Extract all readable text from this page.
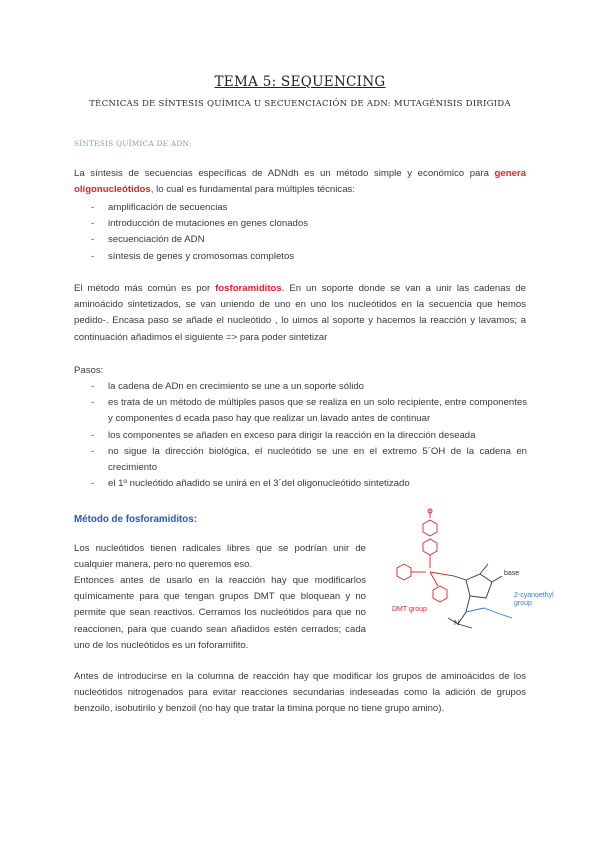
TEMA 5: SEQUENCING
TÉCNICAS DE SÍNTESIS QUÍMICA U SECUENCIACIÓN DE ADN: MUTAGÉNISIS DIRIGIDA
SÍNTESIS QUÍMICA DE ADN:

La síntesis de secuencias específicas de ADNdh es un método simple y económico para genera oligonucleótidos, lo cual es fundamental para múltiples técnicas:

- amplificación de secuencias
- introducción de mutaciones en genes clonados
- secuenciación de ADN
- síntesis de genes y cromosomas completos

El método más común es por fosforamiditos. En un soporte donde se van a unir las cadenas de aminoácido sintetizados, se van uniendo de uno en uno los nucleótidos en la secuencia que hemos pedido-. Encasa paso se añade el nucleótido , lo uimos al soporte y hacemos la reacción y lavamos; a continuación añadimos el siguiente => para poder sintetizar

Pasos:

- la cadena de ADn en crecimiento se une a un soporte sólido
- es trata de un método de múltiples pasos que se realiza en un solo recipiente, entre componentes y componentes d ecada paso hay que realizar un lavado antes de continuar
- los componentes se añaden en exceso para dirigir la reacción en la dirección deseada
- no sigue la dirección biológica, el nucleótido se une en el extremo 5´OH de la cadena en crecimiento
- el 1º nucleótido añadido se unirá en el 3´del oligonucleótido sintetizado
Método de fosforamiditos:

Los nucleótidos tienen radicales libres que se podrían unir de cualquier manera, pero no queremos eso.

Entonces antes de usarlo en la reacción hay que modificarlos químicamente para que tengan grupos DMT que bloquean y no permite que sean reactivos. Cerramos los nucleótidos para que no reaccionen, para que cuando sean añadidos estén cerrados; cada uno de los nucleótidos es un foforamifito.

DMT group
base
2-cyanoethyl group
N

Antes de introducirse en la columna de reacción hay que modificar los grupos de aminoácidos de los nucleótidos nitrogenados para evitar reacciones secundarias indeseadas como la adición de grupos benzoilo, isobutirilo y benzoil (no hay que tratar la timina porque no tiene grupo amino).
